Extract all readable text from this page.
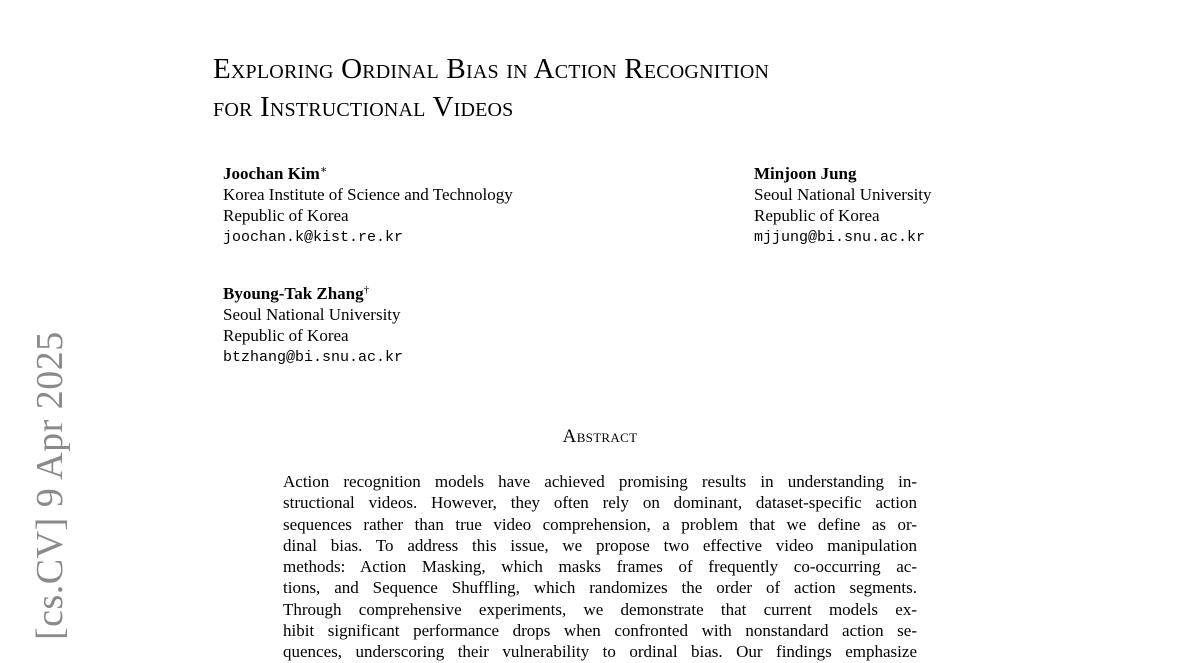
Exploring Ordinal Bias in Action Recognition
for Instructional Videos
Joochan Kim∗
Korea Institute of Science and Technology
Republic of Korea
joochan.k@kist.re.kr
Minjoon Jung
Seoul National University
Republic of Korea
mjjung@bi.snu.ac.kr
Byoung-Tak Zhang†
Seoul National University
Republic of Korea
btzhang@bi.snu.ac.kr
[cs.CV] 9 Apr 2025	Abstract
Action recognition models have achieved promising results in understanding in-
structional videos. However, they often rely on dominant, dataset-specific action
sequences rather than true video comprehension, a problem that we define as or-
dinal bias. To address this issue, we propose two effective video manipulation
methods: Action Masking, which masks frames of frequently co-occurring ac-
tions, and Sequence Shuffling, which randomizes the order of action segments.
Through comprehensive experiments, we demonstrate that current models ex-
hibit significant performance drops when confronted with nonstandard action se-
quences, underscoring their vulnerability to ordinal bias. Our findings emphasize
